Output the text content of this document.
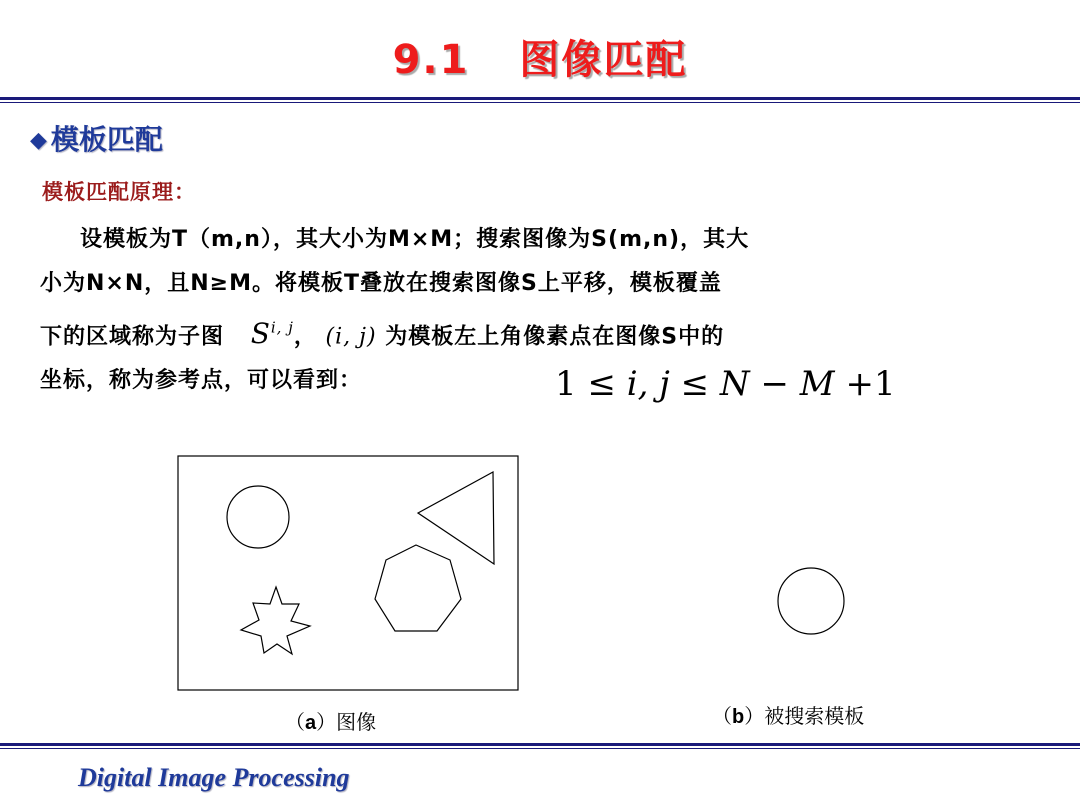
9.1 图像匹配
◆ 模板匹配
模板匹配原理：

设模板为T（m,n），其大小为M×M；搜索图像为S(m,n)，其大

小为N×N，且N≥M。将模板T叠放在搜索图像S上平移，模板覆盖

下的区域称为子图 S$^{i, j}$， (i, j) 为模板左上角像素点在图像S中的

坐标，称为参考点，可以看到：	1 ≤ i, j ≤ N − M +1
（a）图像	（b）被搜索模板
Digital Image Processing
